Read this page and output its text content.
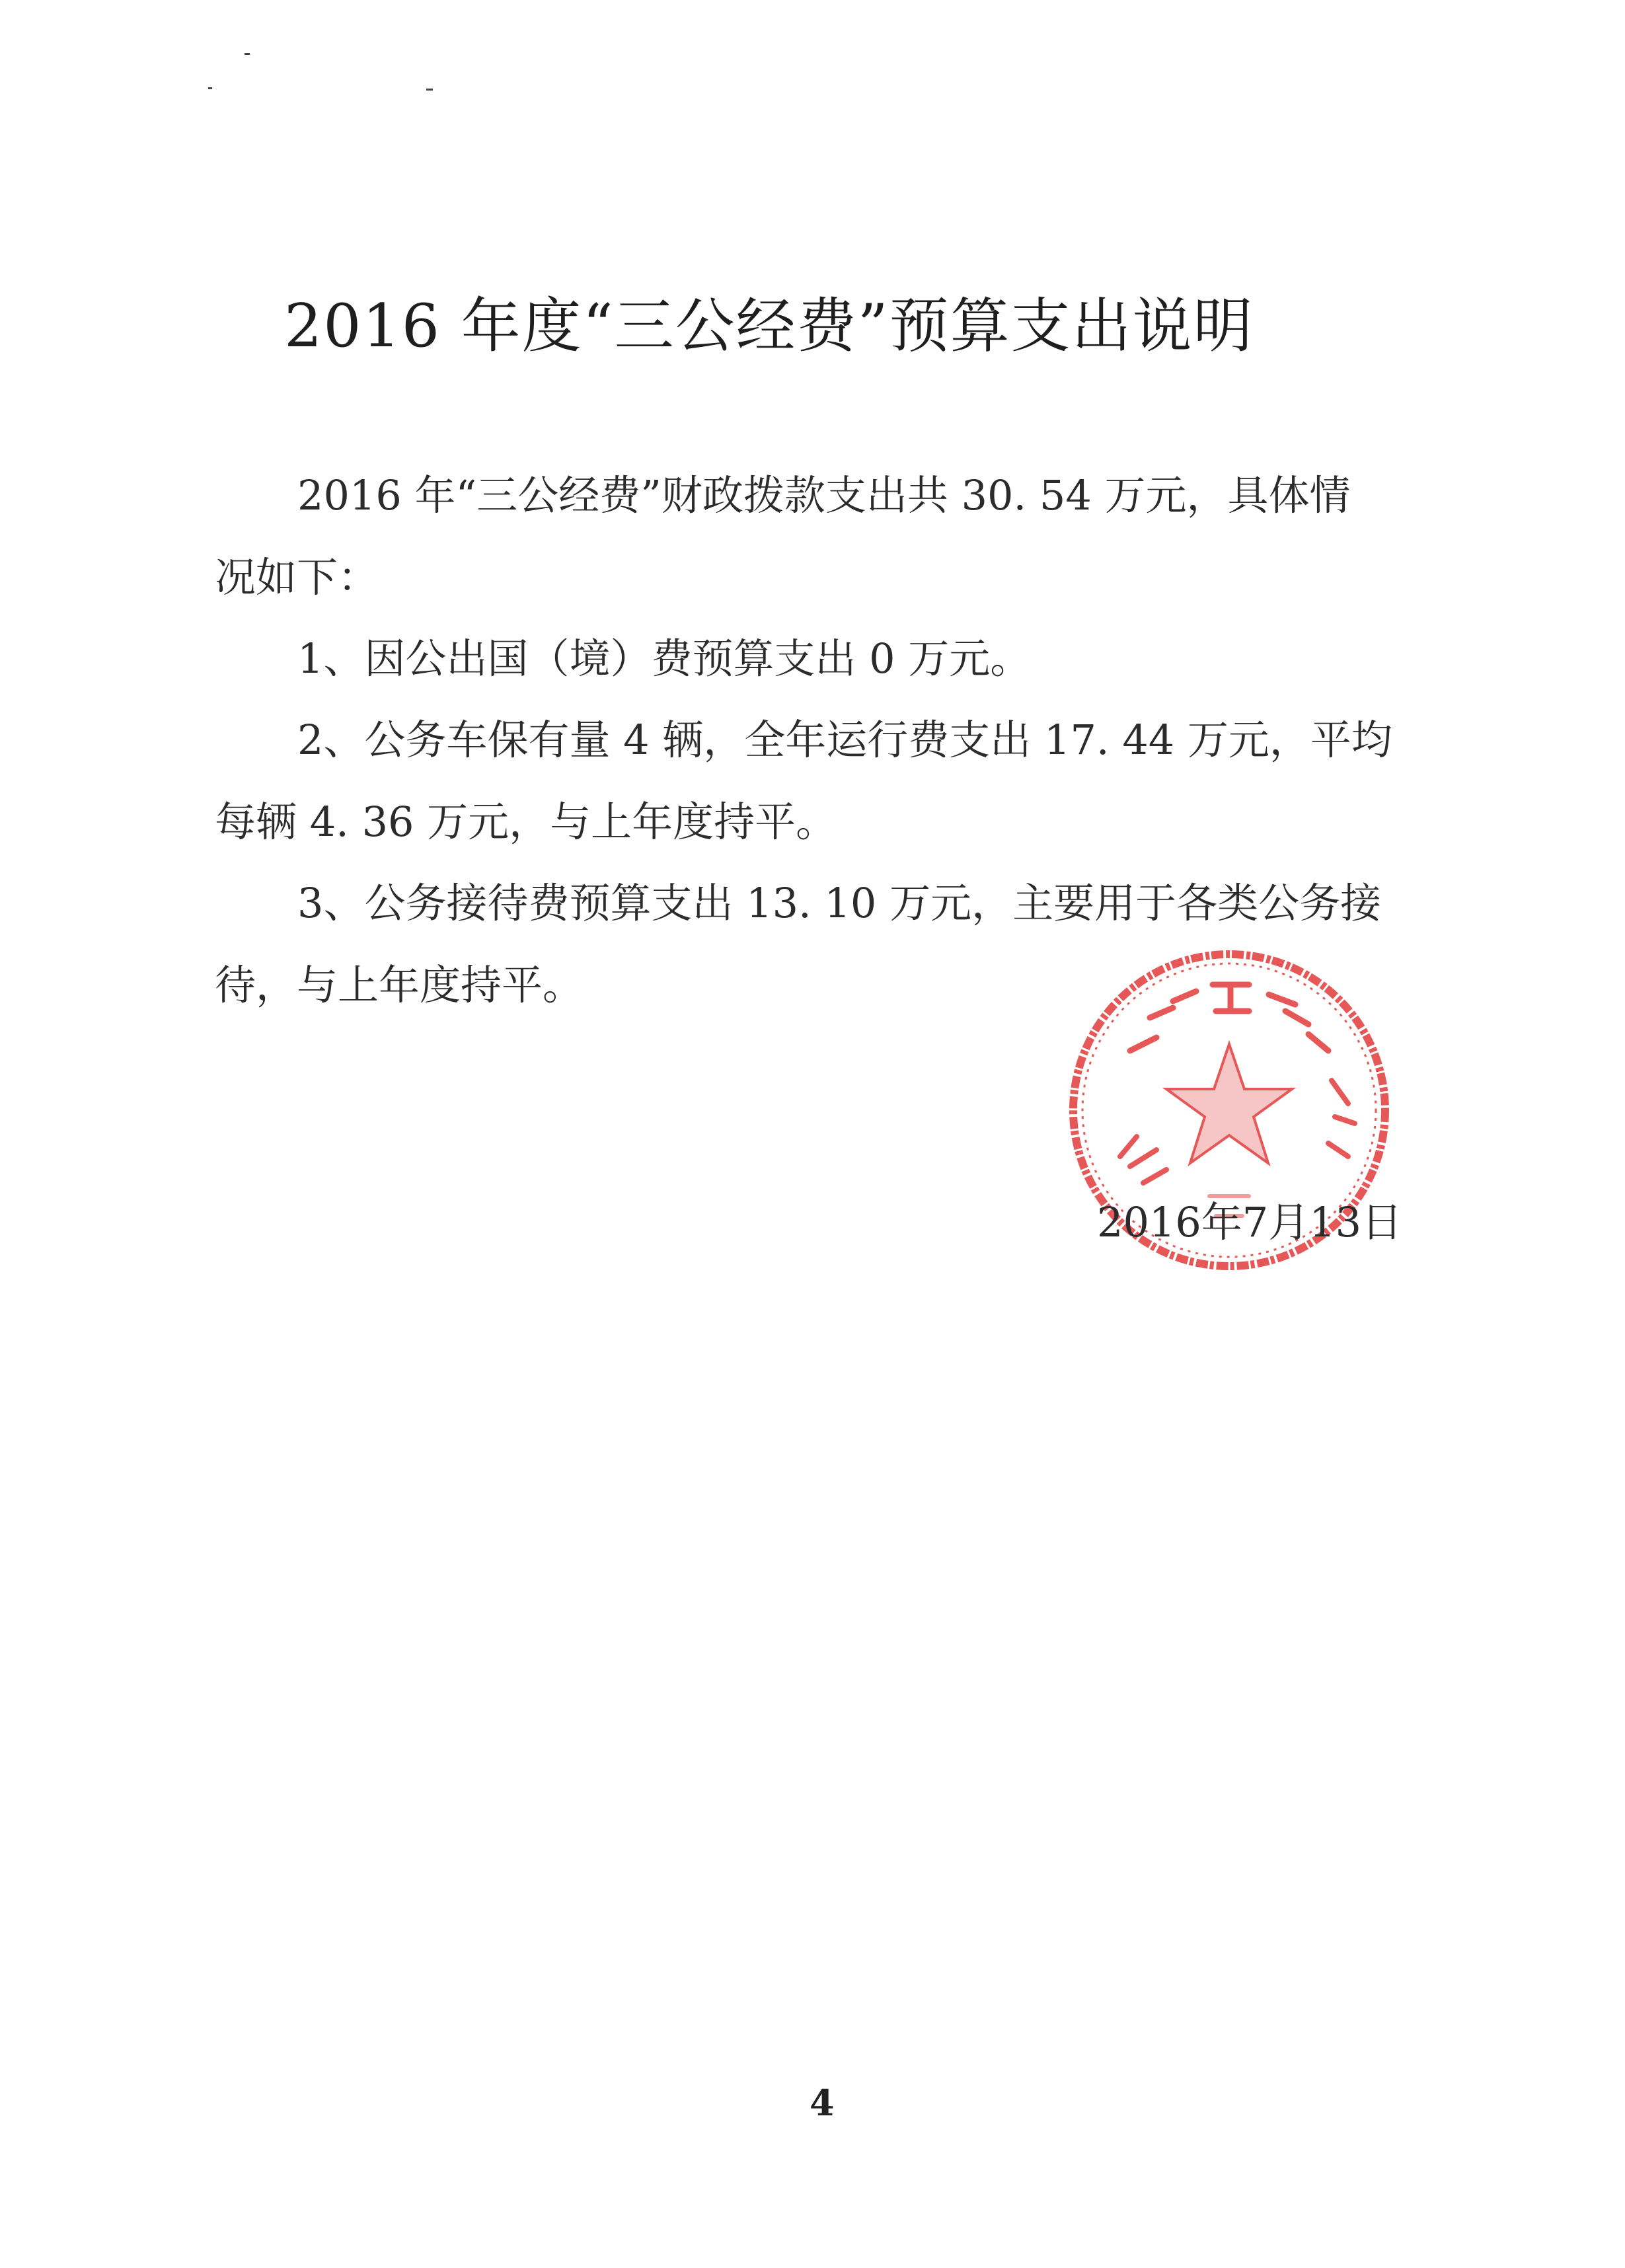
2016 年度“三公经费”预算支出说明
2016 年“三公经费”财政拨款支出共 30. 54 万元，具体情
况如下：
1、因公出国（境）费预算支出 0 万元。
2、公务车保有量 4 辆，全年运行费支出 17. 44 万元，平均
每辆 4. 36 万元，与上年度持平。
3、公务接待费预算支出 13. 10 万元，主要用于各类公务接
待，与上年度持平。
2016年7月13日
4
